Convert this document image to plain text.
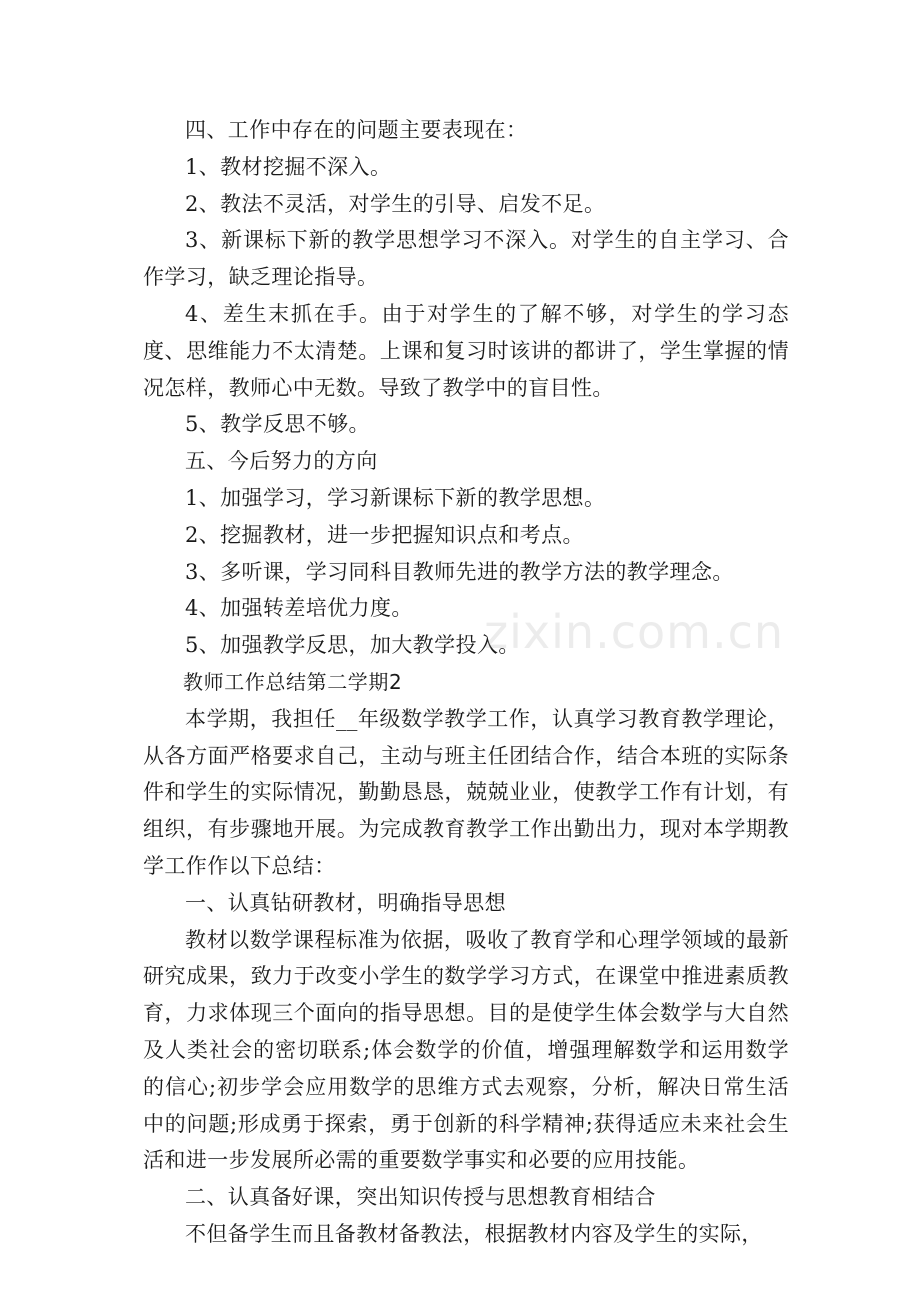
四、工作中存在的问题主要表现在：

1、教材挖掘不深入。

2、教法不灵活，对学生的引导、启发不足。

3、新课标下新的教学思想学习不深入。对学生的自主学习、合作学习，缺乏理论指导。

4、差生末抓在手。由于对学生的了解不够，对学生的学习态度、思维能力不太清楚。上课和复习时该讲的都讲了，学生掌握的情况怎样，教师心中无数。导致了教学中的盲目性。

5、教学反思不够。

五、今后努力的方向

1、加强学习，学习新课标下新的教学思想。

2、挖掘教材，进一步把握知识点和考点。

3、多听课，学习同科目教师先进的教学方法的教学理念。

4、加强转差培优力度。

5、加强教学反思，加大教学投入。

教师工作总结第二学期2

本学期，我担任__年级数学教学工作，认真学习教育教学理论，从各方面严格要求自己，主动与班主任团结合作，结合本班的实际条件和学生的实际情况，勤勤恳恳，兢兢业业，使教学工作有计划，有组织，有步骤地开展。为完成教育教学工作出勤出力，现对本学期教学工作作以下总结：

一、认真钻研教材，明确指导思想

教材以数学课程标准为依据，吸收了教育学和心理学领域的最新研究成果，致力于改变小学生的数学学习方式，在课堂中推进素质教育，力求体现三个面向的指导思想。目的是使学生体会数学与大自然及人类社会的密切联系;体会数学的价值，增强理解数学和运用数学的信心;初步学会应用数学的思维方式去观察，分析，解决日常生活中的问题;形成勇于探索，勇于创新的科学精神;获得适应未来社会生活和进一步发展所必需的重要数学事实和必要的应用技能。

二、认真备好课，突出知识传授与思想教育相结合

不但备学生而且备教材备教法，根据教材内容及学生的实际，

zixin.com.cn
